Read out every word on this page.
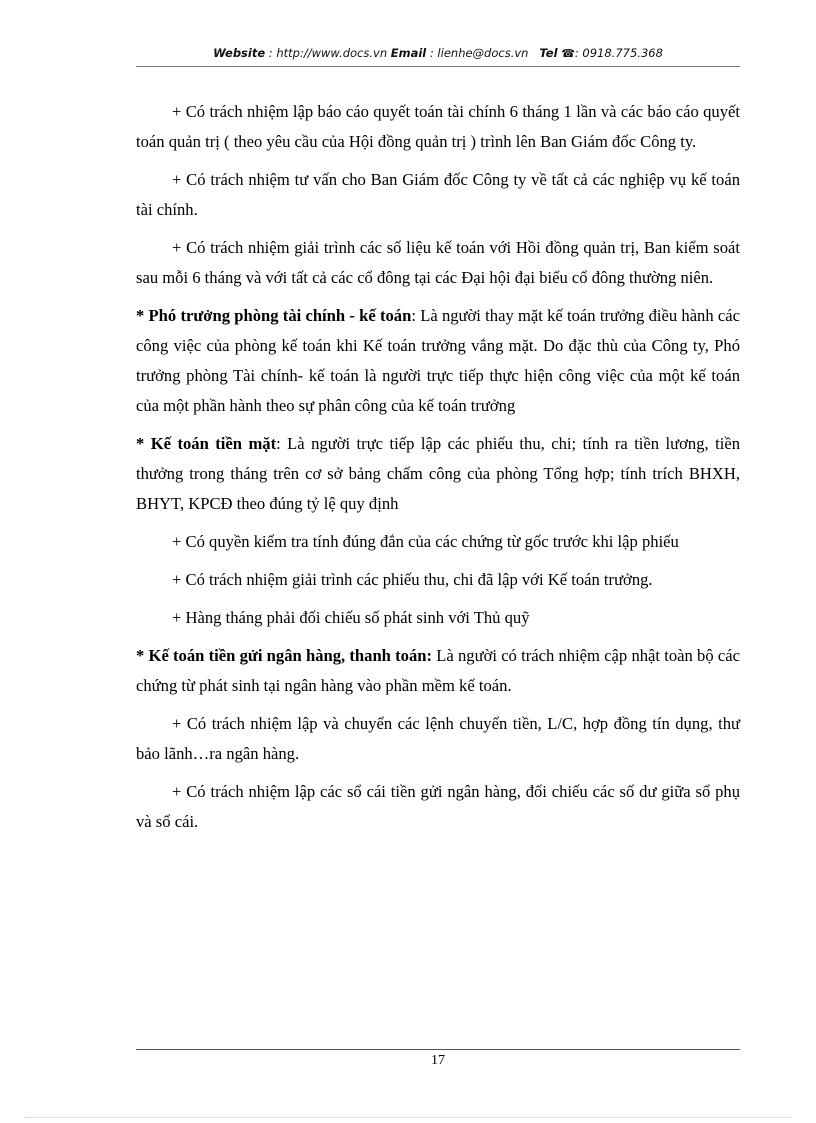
Website : http://www.docs.vn Email : lienhe@docs.vn Tel ☎: 0918.775.368

+ Có trách nhiệm lập báo cáo quyết toán tài chính 6 tháng 1 lần và các báo cáo quyết toán quản trị ( theo yêu cầu của Hội đồng quản trị ) trình lên Ban Giám đốc Công ty.

+ Có trách nhiệm tư vấn cho Ban Giám đốc Công ty về tất cả các nghiệp vụ kế toán tài chính.

+ Có trách nhiệm giải trình các số liệu kế toán với Hồi đồng quản trị, Ban kiểm soát sau mỗi 6 tháng và với tất cả các cổ đông tại các Đại hội đại biểu cổ đông thường niên.

* Phó trưởng phòng tài chính - kế toán: Là người thay mặt kế toán trưởng điều hành các công việc của phòng kế toán khi Kế toán trưởng vắng mặt. Do đặc thù của Công ty, Phó trưởng phòng Tài chính- kế toán là người trực tiếp thực hiện công việc của một kế toán của một phần hành theo sự phân công của kế toán trưởng

* Kế toán tiền mặt: Là người trực tiếp lập các phiếu thu, chi; tính ra tiền lương, tiền thưởng trong tháng trên cơ sở bảng chấm công của phòng Tổng hợp; tính trích BHXH, BHYT, KPCĐ theo đúng tỷ lệ quy định

+ Có quyền kiểm tra tính đúng đắn của các chứng từ gốc trước khi lập phiếu

+ Có trách nhiệm giải trình các phiếu thu, chi đã lập với Kế toán trưởng.

+ Hàng tháng phải đối chiếu số phát sinh với Thủ quỹ

* Kế toán tiền gửi ngân hàng, thanh toán: Là người có trách nhiệm cập nhật toàn bộ các chứng từ phát sinh tại ngân hàng vào phần mềm kế toán.

+ Có trách nhiệm lập và chuyển các lệnh chuyển tiền, L/C, hợp đồng tín dụng, thư bảo lãnh…ra ngân hàng.

+ Có trách nhiệm lập các sổ cái tiền gửi ngân hàng, đối chiếu các số dư giữa sổ phụ và sổ cái.

17
